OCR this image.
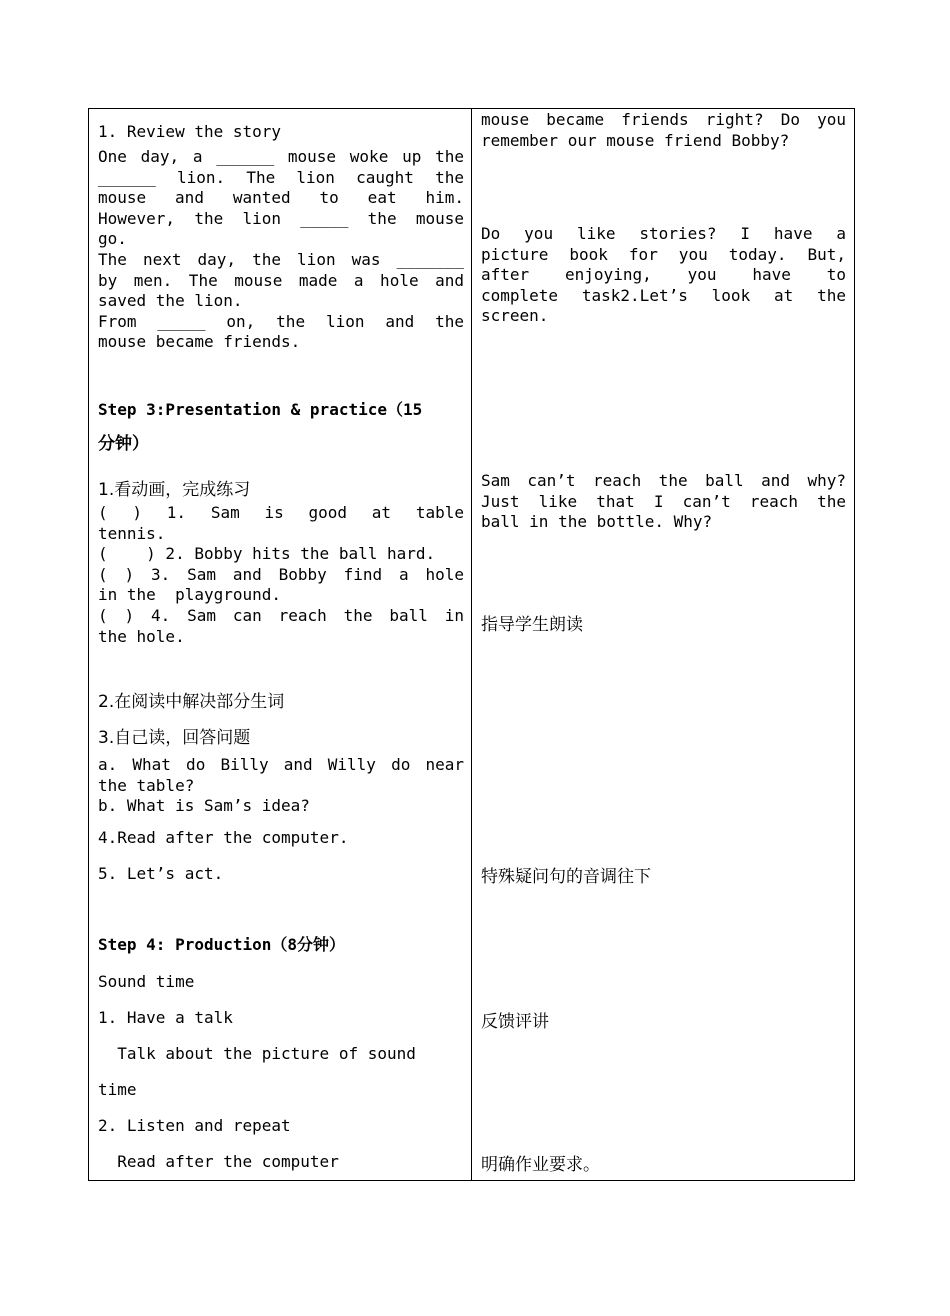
1. Review the story
One day, a ______ mouse woke up the
______ lion. The lion caught the
mouse and wanted to eat him.
However, the lion _____ the mouse
go.
The next day, the lion was _______
by men. The mouse made a hole and
saved the lion.
From _____ on, the lion and the
mouse became friends.
Step 3:Presentation & practice（15
分钟）
1.看动画，完成练习
( ) 1. Sam is good at table
tennis.
(    ) 2. Bobby hits the ball hard.
( ) 3. Sam and Bobby find a hole
in the  playground.
( ) 4. Sam can reach the ball in
the hole.
2.在阅读中解决部分生词
3.自己读，回答问题
a. What do Billy and Willy do near
the table?
b. What is Sam’s idea?
4.Read after the computer.
5. Let’s act.
Step 4: Production（8分钟）
Sound time
1. Have a talk
Talk about the picture of sound
time
2. Listen and repeat
Read after the computer
mouse became friends right? Do you
remember our mouse friend Bobby?
Do you like stories? I have a
picture book for you today. But,
after enjoying, you have to
complete task2.Let’s look at the
screen.
Sam can’t reach the ball and why?
Just like that I can’t reach the
ball in the bottle. Why?
指导学生朗读
特殊疑问句的音调往下
反馈评讲
明确作业要求。
